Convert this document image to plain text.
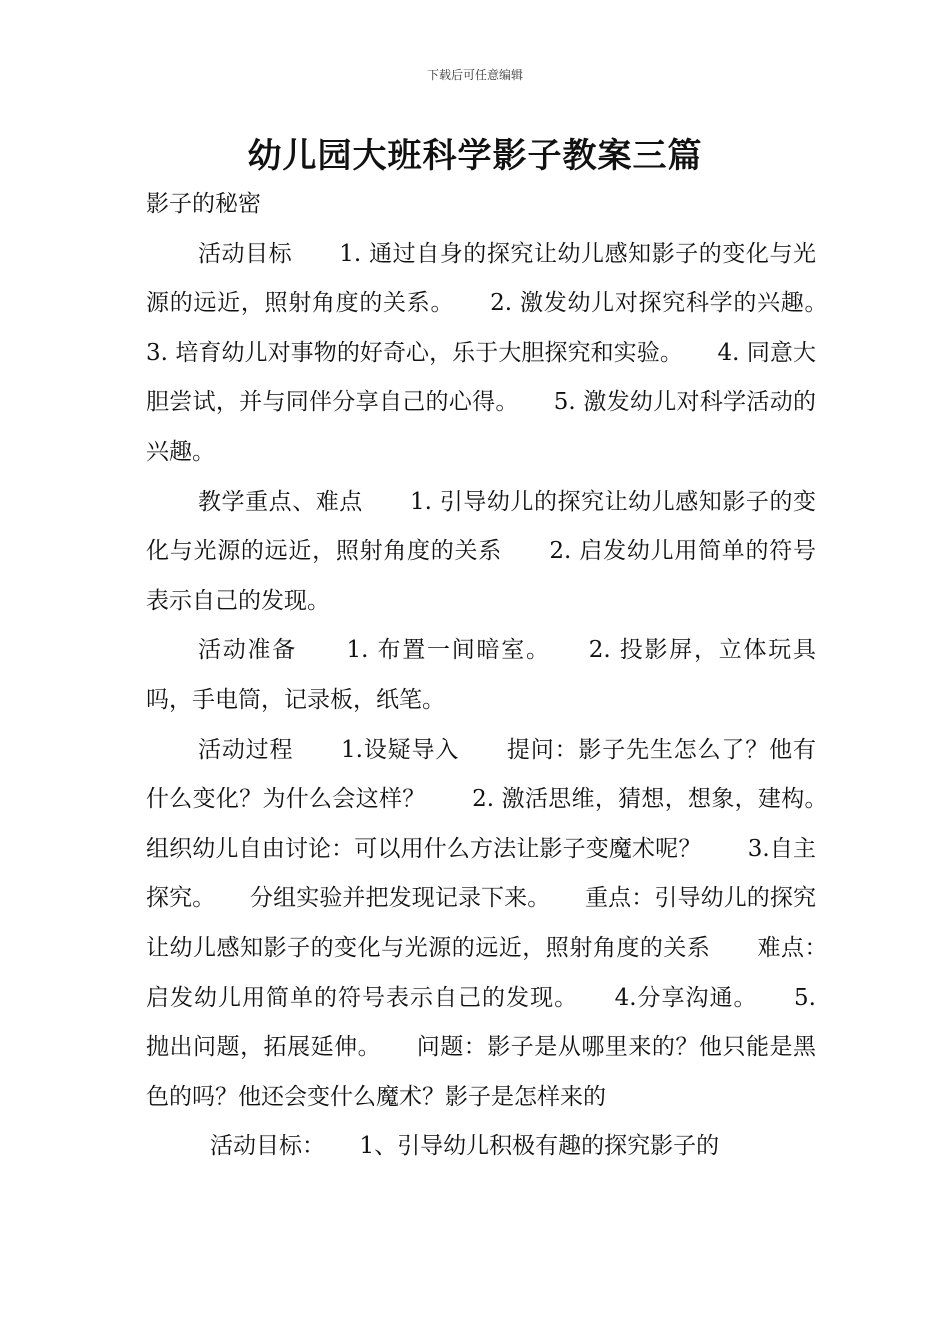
下载后可任意编辑
幼儿园大班科学影子教案三篇

影子的秘密

活动目标　　1. 通过自身的探究让幼儿感知影子的变化与光源的远近，照射角度的关系。　　2. 激发幼儿对探究科学的兴趣。　　3. 培育幼儿对事物的好奇心，乐于大胆探究和实验。　　4. 同意大胆尝试，并与同伴分享自己的心得。　　5. 激发幼儿对科学活动的兴趣。

教学重点、难点　　1. 引导幼儿的探究让幼儿感知影子的变化与光源的远近，照射角度的关系　　2. 启发幼儿用简单的符号表示自己的发现。

活动准备　　1. 布置一间暗室。　　2. 投影屏，立体玩具吗，手电筒，记录板，纸笔。

活动过程　　1.设疑导入　　提问：影子先生怎么了？他有什么变化？为什么会这样？　　2. 激活思维，猜想，想象，建构。　　组织幼儿自由讨论：可以用什么方法让影子变魔术呢？　　3.自主探究。　　分组实验并把发现记录下来。　　重点：引导幼儿的探究让幼儿感知影子的变化与光源的远近，照射角度的关系　　难点：　启发幼儿用简单的符号表示自己的发现。　　4.分享沟通。　　5. 抛出问题，拓展延伸。　　问题：影子是从哪里来的？他只能是黑色的吗？他还会变什么魔术？影子是怎样来的

活动目标：　　1、引导幼儿积极有趣的探究影子的
